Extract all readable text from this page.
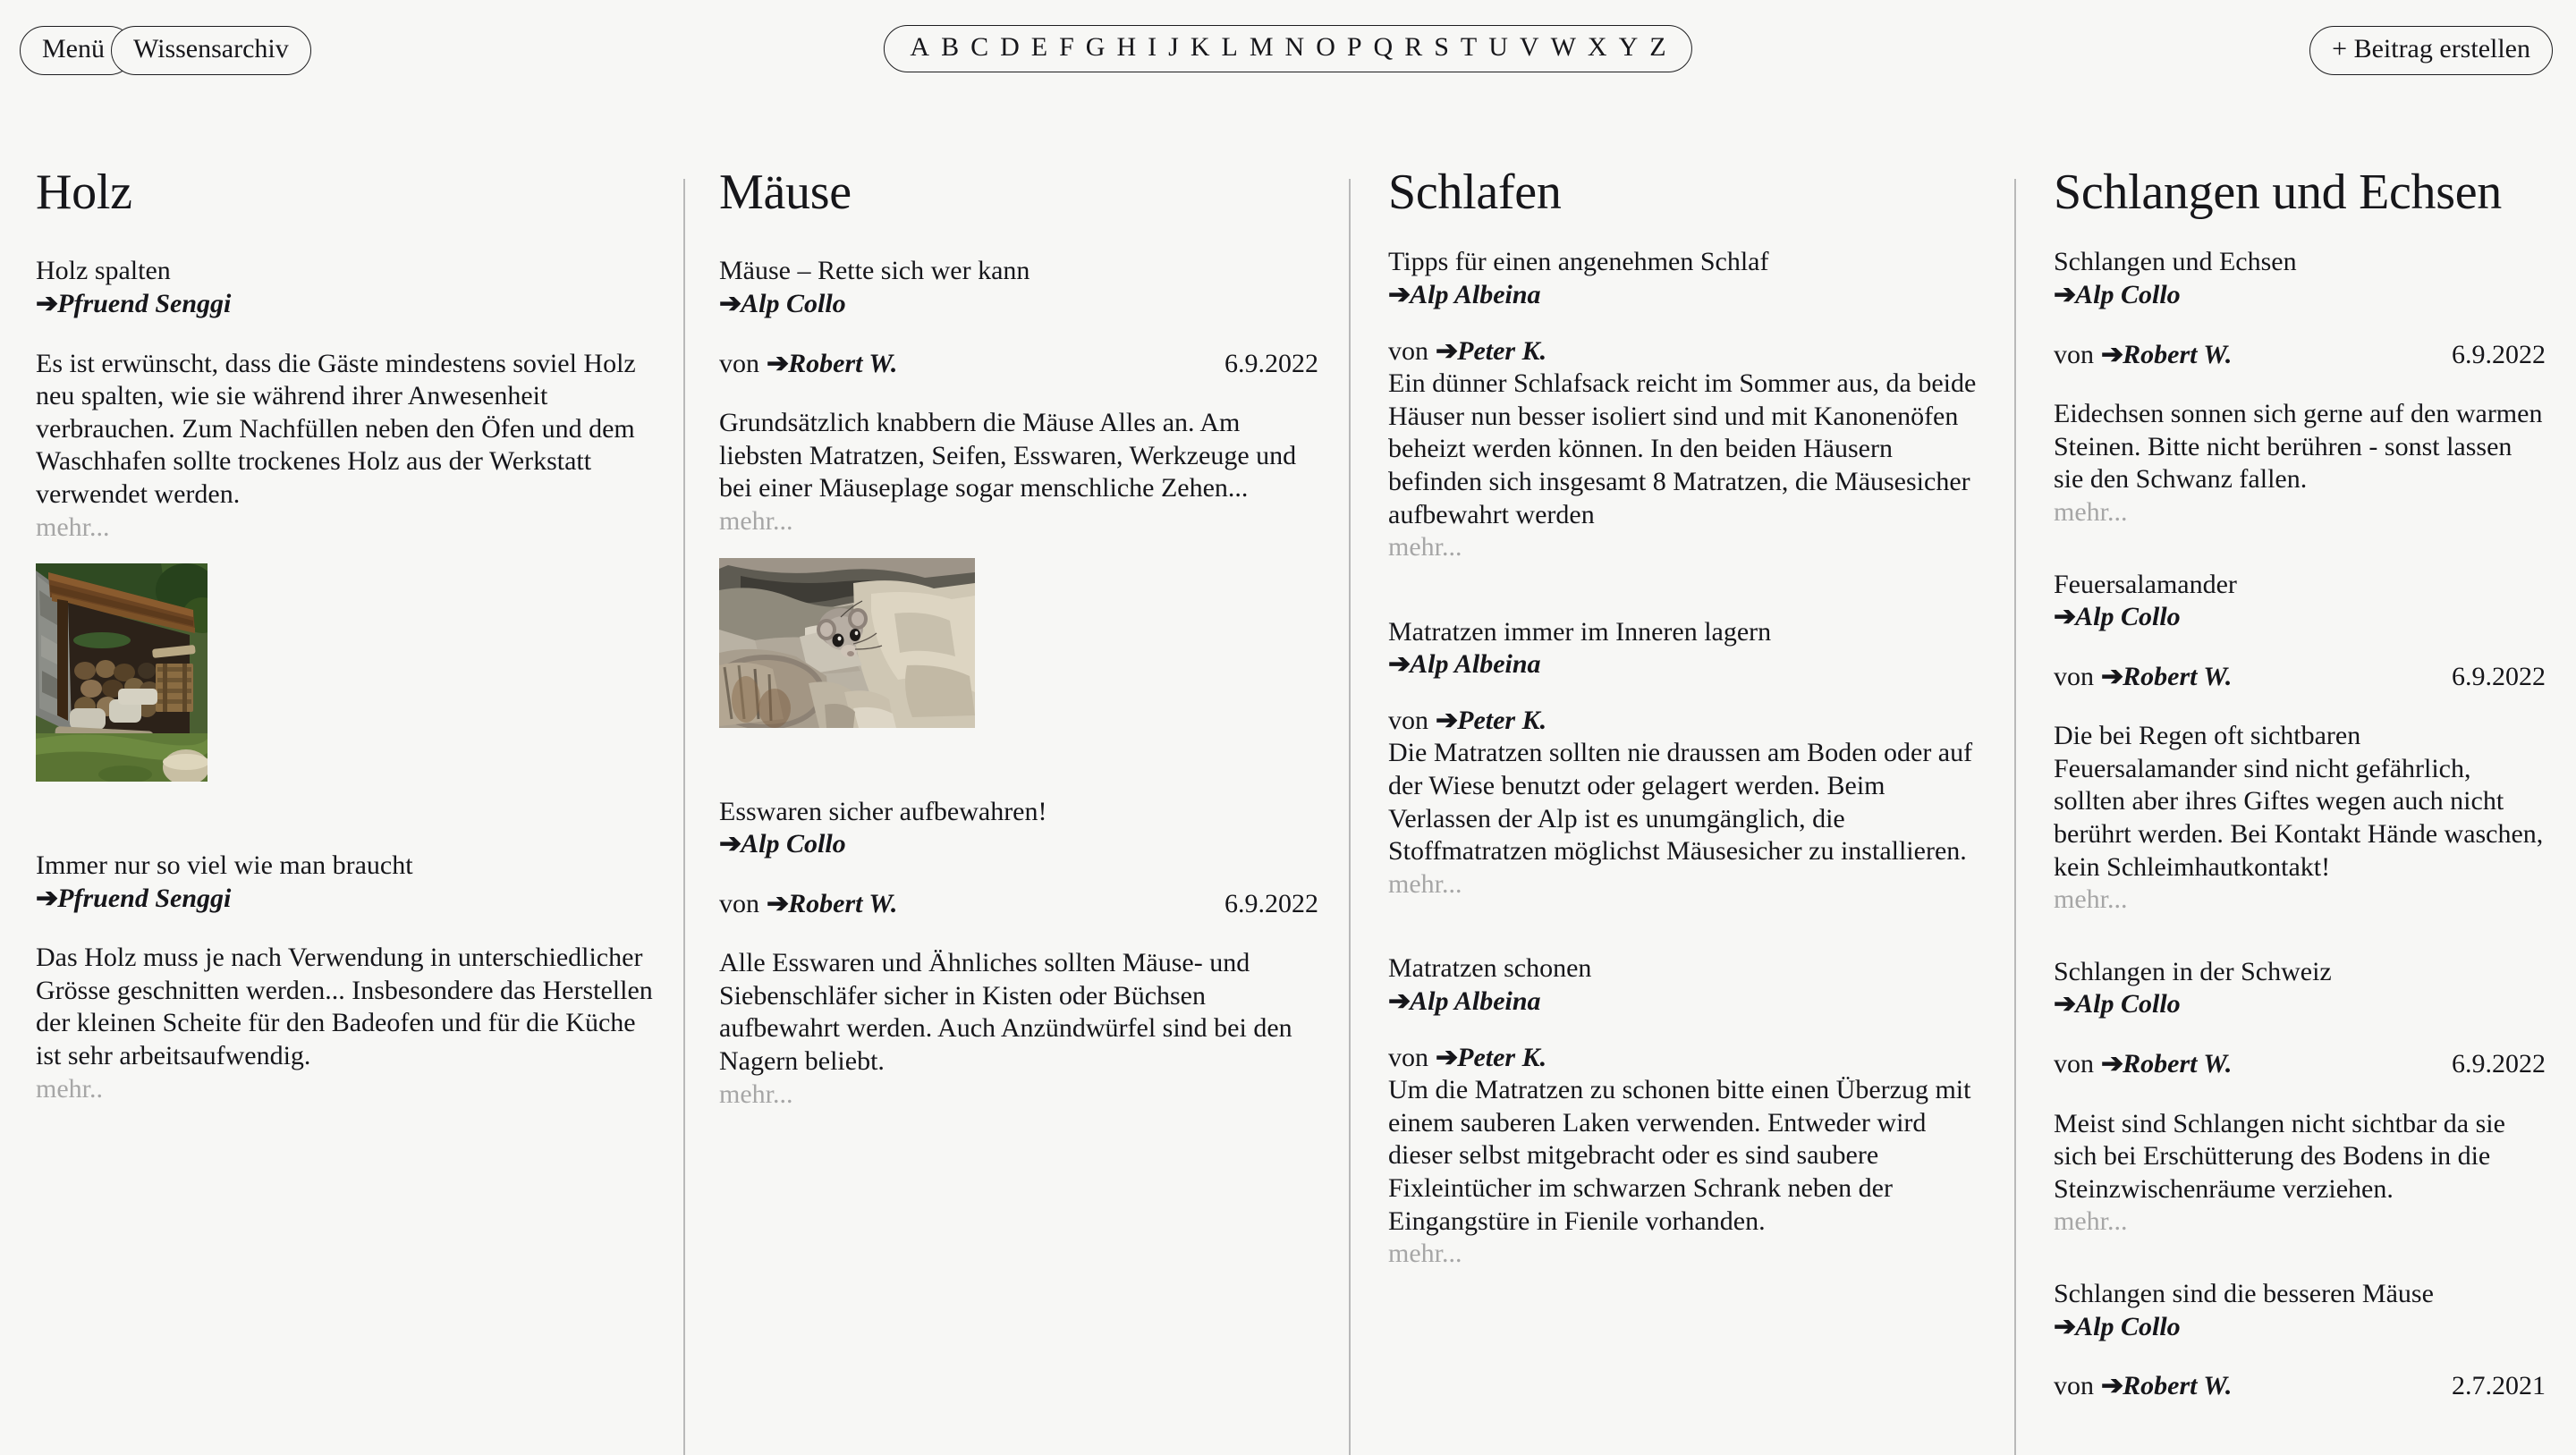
Menü	Wissensarchiv	A B C D E F G H I J K L M N O P Q R S T U V W X Y Z	+ Beitrag erstellen
Holz
Holz spalten
➔Pfruend Senggi
Es ist erwünscht, dass die Gäste mindestens soviel Holz neu spalten, wie sie während ihrer Anwesenheit verbrauchen. Zum Nachfüllen neben den Öfen und dem Waschhafen sollte trockenes Holz aus der Werkstatt verwendet werden.
mehr...
Immer nur so viel wie man braucht
➔Pfruend Senggi
Das Holz muss je nach Verwendung in unterschiedlicher Grösse geschnitten werden... Insbesondere das Herstellen der kleinen Scheite für den Badeofen und für die Küche ist sehr arbeitsaufwendig.
mehr..
Mäuse
Mäuse – Rette sich wer kann
➔Alp Collo
von ➔Robert W.	6.9.2022
Grundsätzlich knabbern die Mäuse Alles an. Am liebsten Matratzen, Seifen, Esswaren, Werkzeuge und bei einer Mäuseplage sogar menschliche Zehen...
mehr...
Esswaren sicher aufbewahren!
➔Alp Collo
von ➔Robert W.	6.9.2022
Alle Esswaren und Ähnliches sollten Mäuse- und Siebenschläfer sicher in Kisten oder Büchsen aufbewahrt werden. Auch Anzündwürfel sind bei den Nagern beliebt.
mehr...
Schlafen
Tipps für einen angenehmen Schlaf
➔Alp Albeina
von ➔Peter K.
Ein dünner Schlafsack reicht im Sommer aus, da beide Häuser nun besser isoliert sind und mit Kanonenöfen beheizt werden können. In den beiden Häusern befinden sich insgesamt 8 Matratzen, die Mäusesicher aufbewahrt werden
mehr...
Matratzen immer im Inneren lagern
➔Alp Albeina
von ➔Peter K.
Die Matratzen sollten nie draussen am Boden oder auf der Wiese benutzt oder gelagert werden. Beim Verlassen der Alp ist es unumgänglich, die Stoffmatratzen möglichst Mäusesicher zu installieren.
mehr...
Matratzen schonen
➔Alp Albeina
von ➔Peter K.
Um die Matratzen zu schonen bitte einen Überzug mit einem sauberen Laken verwenden. Entweder wird dieser selbst mitgebracht oder es sind saubere Fixleintücher im schwarzen Schrank neben der Eingangstüre in Fienile vorhanden.
mehr...
Schlangen und Echsen
Schlangen und Echsen
➔Alp Collo
von ➔Robert W.	6.9.2022
Eidechsen sonnen sich gerne auf den warmen Steinen. Bitte nicht berühren - sonst lassen sie den Schwanz fallen.
mehr...
Feuersalamander
➔Alp Collo
von ➔Robert W.	6.9.2022
Die bei Regen oft sichtbaren Feuersalamander sind nicht gefährlich, sollten aber ihres Giftes wegen auch nicht berührt werden. Bei Kontakt Hände waschen, kein Schleimhautkontakt!
mehr...
Schlangen in der Schweiz
➔Alp Collo
von ➔Robert W.	6.9.2022
Meist sind Schlangen nicht sichtbar da sie sich bei Erschütterung des Bodens in die Steinzwischenräume verziehen.
mehr...
Schlangen sind die besseren Mäuse
➔Alp Collo
von ➔Robert W.	2.7.2021
